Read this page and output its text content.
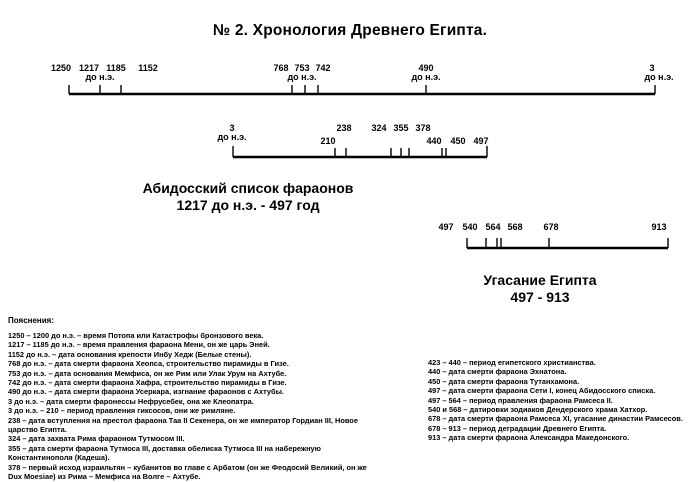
№ 2. Хронология Древнего Египта.
1250 1217 1185 1152	768 753 742	490	3
до н.э.	до н.э.	до н.э.	до н.э.
3
до н.э.
238 324 355 378
210	440 450 497
497 540 564 568 678	913
Абидосский список фараонов
1217 до н.э. - 497 год
Угасание Египта
497 - 913
Пояснения:
1250 – 1200 до н.э. – время Потопа или Катастрофы бронзового века.
1217 – 1185 до н.э. – время правления фараона Мени, он же царь Эней.
1152 до н.э. – дата основания крепости Инбу Хедж (Белые стены).
768 до н.э. – дата смерти фараона Хеопса, строительство пирамиды в Гизе.
753 до н.э. – дата основания Мемфиса, он же Рим или Улак Урум на Ахтубе.
742 до н.э. – дата смерти фараона Хафра, строительство пирамиды в Гизе.
490 до н.э. – дата смерти фараона Усеркара, изгнание фараонов с Ахтубы.
3 до н.э. – дата смерти фаронессы Нефрусебек, она же Клеопатра.
3 до н.э. – 210 – период правления гиксосов, они же римляне.
238 – дата вступления на престол фараона Таа II Секенера, он же император Гордиан III, Новое царство Египта.
324 – дата захвата Рима фараоном Тутмосом III.
355 – дата смерти фараона Тутмоса III, доставка обелиска Тутмоса III на набережную Константинополя (Кадеша).
378 – первый исход израильтян – кубанитов во главе с Арбатом (он же Феодосий Великий, он же Dux Moesiae) из Рима – Мемфиса на Волге – Ахтубе.
423 – 440 – период египетского христианства.
440 – дата смерти фараона Эхнатона.
450 – дата смерти фараона Тутанхамона.
497 – дата смерти фараона Сети I, конец Абидосского списка.
497 – 564 – период правления фараона Рамсеса II.
540 и 568 – датировки зодиаков Дендерского храма Хатхор.
678 – дата смерти фараона Рамсеса XI, угасание династии Рамсесов.
678 – 913 – период деградации Древнего Египта.
913 – дата смерти фараона Александра Македонского.
